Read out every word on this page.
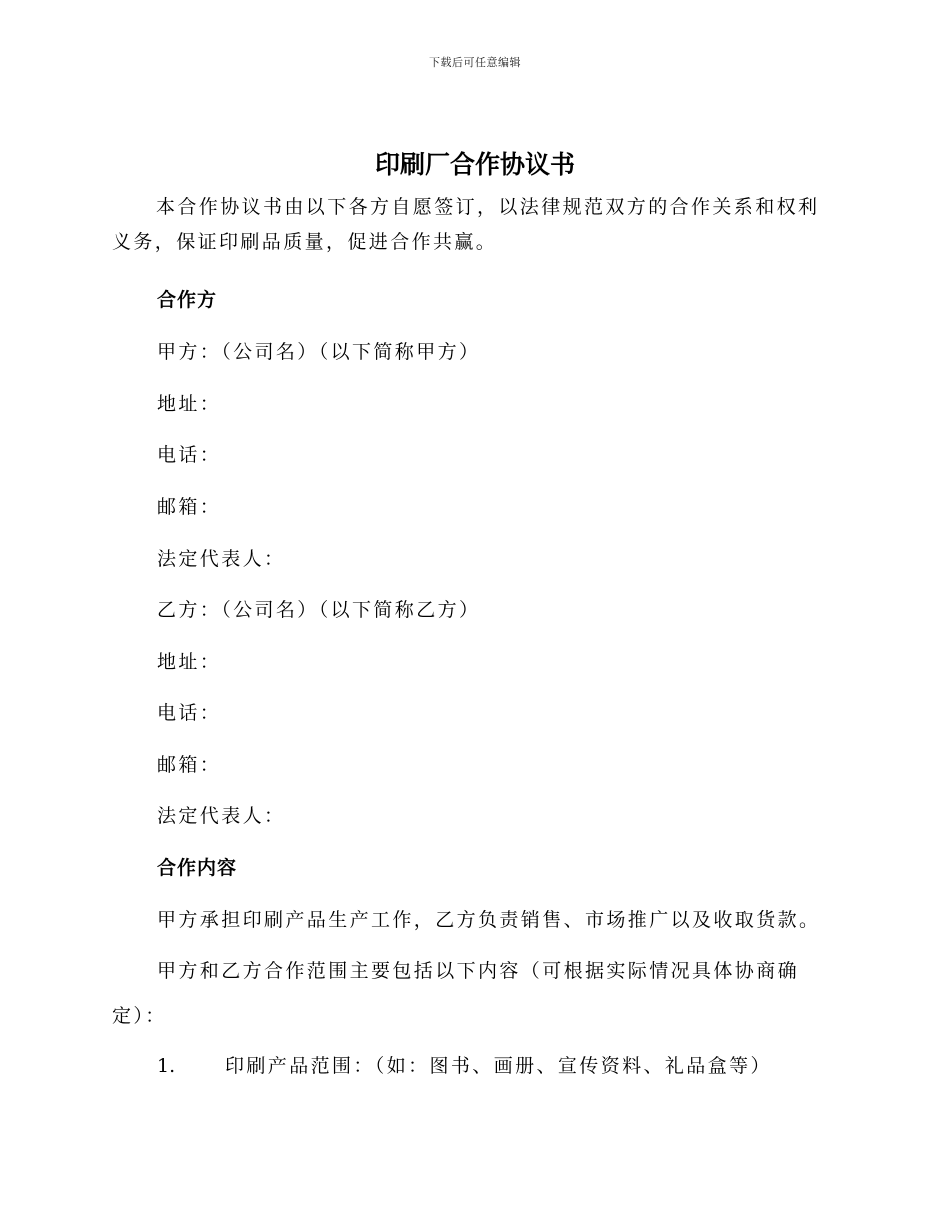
下载后可任意编辑
印刷厂合作协议书

本合作协议书由以下各方自愿签订，以法律规范双方的合作关系和权利义务，保证印刷品质量，促进合作共赢。

合作方

甲方：（公司名）（以下简称甲方）

地址：

电话：

邮箱：

法定代表人：

乙方：（公司名）（以下简称乙方）

地址：

电话：

邮箱：

法定代表人：

合作内容

甲方承担印刷产品生产工作，乙方负责销售、市场推广以及收取货款。

甲方和乙方合作范围主要包括以下内容（可根据实际情况具体协商确定）：

1.	印刷产品范围：（如：图书、画册、宣传资料、礼品盒等）
